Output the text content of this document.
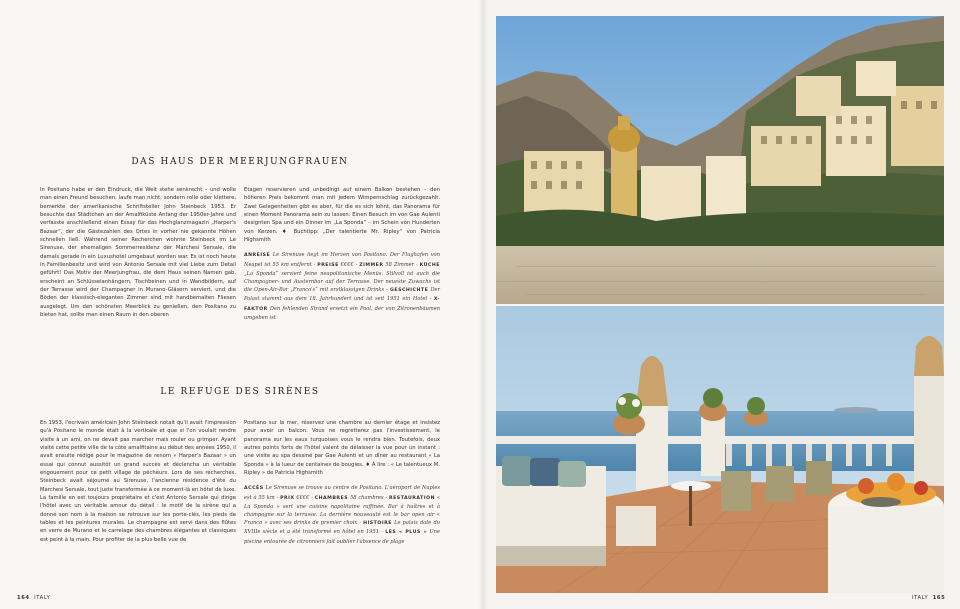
DAS HAUS DER MEERJUNGFRAUEN

In Positano habe er den Eindruck, die Welt stehe senkrecht – und wolle man einen Freund besuchen, laufe man nicht, sondern rolle oder klettere, bemerkte der amerikanische Schriftsteller John Steinbeck 1953. Er besuchte das Städtchen an der Amalfiküste Anfang der 1950er-Jahre und verfasste anschließend einen Essay für das Hochglanzmagazin „Harper's Bazaar“, der die Gästezahlen des Ortes in vorher nie gekannte Höhen schnellen ließ. Während seiner Recherchen wohnte Steinbeck im Le Sirenuse, der ehemaligen Sommerresidenz der Marchesi Sersale, die damals gerade in ein Luxushotel umgebaut worden war. Es ist noch heute in Familienbesitz und wird von Antonio Sersale mit viel Liebe zum Detail geführt! Das Motiv der Meerjungfrau, die dem Haus seinen Namen gab, erscheint an Schlüsselanhängern, Tischbeinen und in Wandbildern, auf der Terrasse wird der Champagner in Murano-Gläsern serviert, und die Böden der klassisch-eleganten Zimmer sind mit handbemalten Fliesen ausgelegt. Um den schönsten Meerblick zu genießen, den Positano zu bieten hat, sollte man einen Raum in den oberen

Etagen reservieren und unbedingt auf einem Balkon bestehen – den höheren Preis bekommt man mit jedem Wimpernschlag zurückgezahlt. Zwei Gelegenheiten gibt es aber, für die es sich lohnt, das Panorama für einen Moment Panorama sein zu lassen: Einen Besuch im von Gae Aulenti designten Spa und ein Dinner im „La Sponda“ – im Schein von Hunderten von Kerzen. ♦ Buchtipp: „Der talentierte Mr. Ripley“ von Patricia Highsmith

ANREISE Le Sirenuse liegt im Herzen von Positano. Der Flughafen von Neapel ist 55 km entfernt · PREISE €€€€ · ZIMMER 58 Zimmer · KÜCHE „La Sponda“ serviert feine neapolitanische Menüs. Stilvoll ist auch die Champagner- und Austernbar auf der Terrasse. Der neueste Zuwachs ist die Open-Air-Bar „Franco's“ mit erstklassigen Drinks · GESCHICHTE Der Palast stammt aus dem 18. Jahrhundert und ist seit 1951 ein Hotel · X-FAKTOR Den fehlenden Strand ersetzt ein Pool, der von Zitronenbäumen umgeben ist
LE REFUGE DES SIRÈNES

En 1953, l'écrivain américain John Steinbeck notait qu'il avait l'impression qu'à Positano le monde était à la verticale et que si l'on voulait rendre visite à un ami, on ne devait pas marcher mais rouler ou grimper. Ayant visité cette petite ville de la côte amalfitaine au début des années 1950, il avait ensuite rédigé pour le magazine de renom « Harper's Bazaar » un essai qui connut aussitôt un grand succès et déclencha un véritable engouement pour ce petit village de pêcheurs. Lors de ses recherches, Steinbeck avait séjourné au Sirenuse, l'ancienne résidence d'été du Marchesi Sersale, tout juste transformée à ce moment-là en hôtel de luxe. La famille en est toujours propriétaire et c'est Antonio Sersale qui dirige l'hôtel avec un véritable amour du détail : le motif de la sirène qui a donné son nom à la maison se retrouve sur les porte-clés, les pieds de tables et les peintures murales. Le champagne est servi dans des flûtes en verre de Murano et le carrelage des chambres élégantes et classiques est peint à la main. Pour profiter de la plus belle vue de

Positano sur la mer, réservez une chambre au dernier étage et insistez pour avoir un balcon. Vous ne regretterez pas l'investissement, le panorama sur les eaux turquoises vous le rendra bien. Toutefois, deux autres points forts de l'hôtel valent de délaisser la vue pour un instant : une visite au spa dessiné par Gae Aulenti et un dîner au restaurant « La Sponda » à la lueur de centaines de bougies. ♦ À lire : « Le talentueux M. Ripley » de Patricia Highsmith

ACCÈS Le Sirenuse se trouve au centre de Positano. L'aéroport de Naples est à 55 km · PRIX €€€€ · CHAMBRES 58 chambres · RESTAURATION « La Sponda » sert une cuisine napolitaine raffinée. Bar à huîtres et à champagne sur la terrasse. La dernière nouveauté est le bar open air « Franco » avec ses drinks de premier choix · HISTOIRE Le palais date du XVIIIe siècle et a été transformé en hôtel en 1951 · LES « PLUS » Une piscine entourée de citronniers fait oublier l'absence de plage
164 ITALY	ITALY 165
